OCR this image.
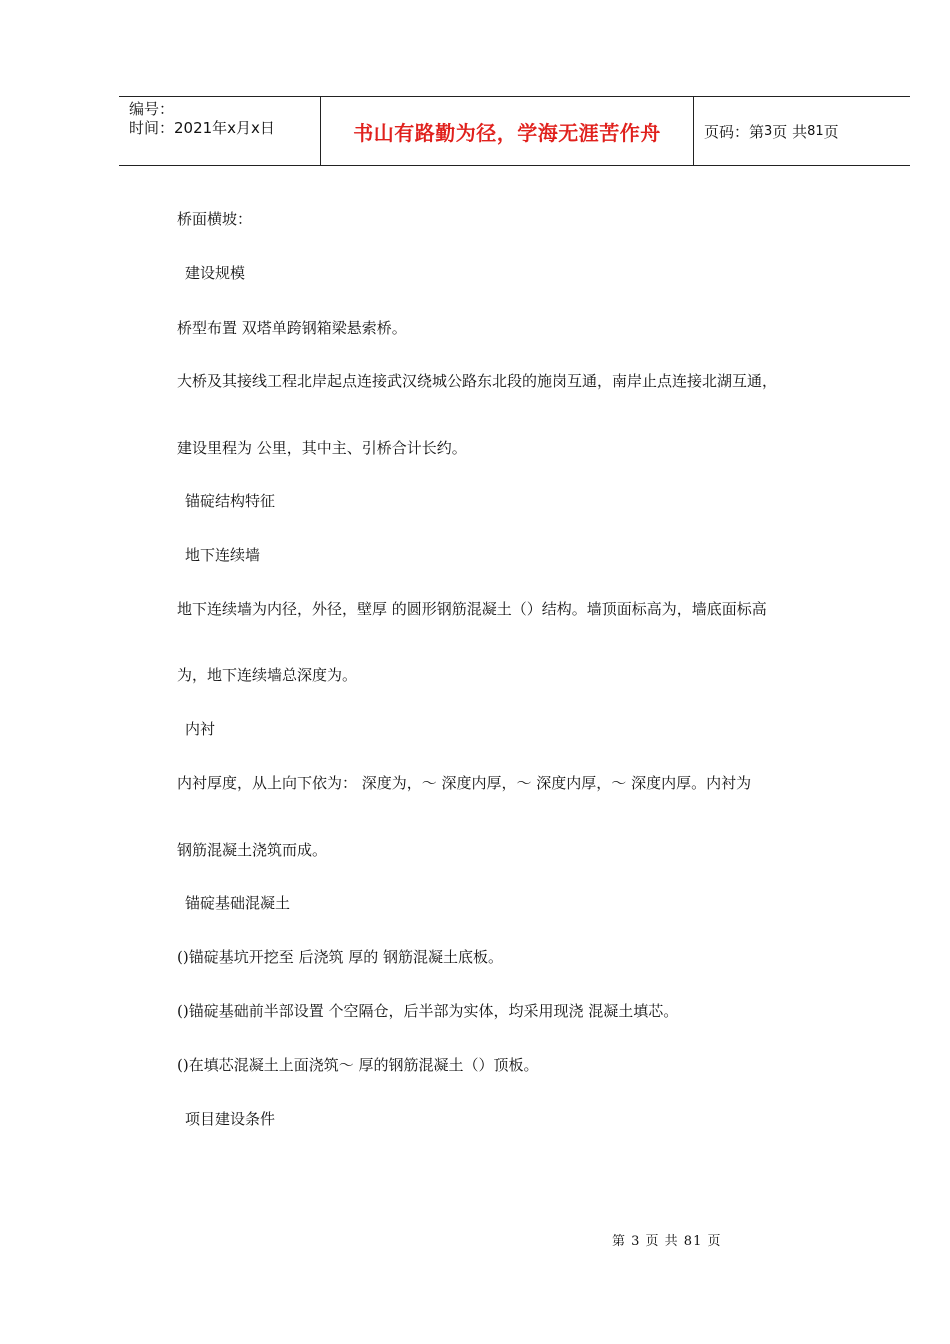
编号：
时间：2021年x月x日	书山有路勤为径，学海无涯苦作舟	页码：第 3 页 共 81 页
桥面横坡：
建设规模
桥型布置 双塔单跨钢箱梁悬索桥。
大桥及其接线工程北岸起点连接武汉绕城公路东北段的施岗互通，南岸止点连接北湖互通，
建设里程为 公里，其中主、引桥合计长约。
锚碇结构特征
地下连续墙
地下连续墙为内径，外径，壁厚 的圆形钢筋混凝土（）结构。墙顶面标高为，墙底面标高
为，地下连续墙总深度为。
内衬
内衬厚度，从上向下依为： 深度为，～ 深度内厚，～ 深度内厚，～ 深度内厚。内衬为
钢筋混凝土浇筑而成。
锚碇基础混凝土
()锚碇基坑开挖至 后浇筑 厚的 钢筋混凝土底板。
()锚碇基础前半部设置 个空隔仓，后半部为实体，均采用现浇 混凝土填芯。
()在填芯混凝土上面浇筑～ 厚的钢筋混凝土（）顶板。
项目建设条件
第 3 页 共 81 页
